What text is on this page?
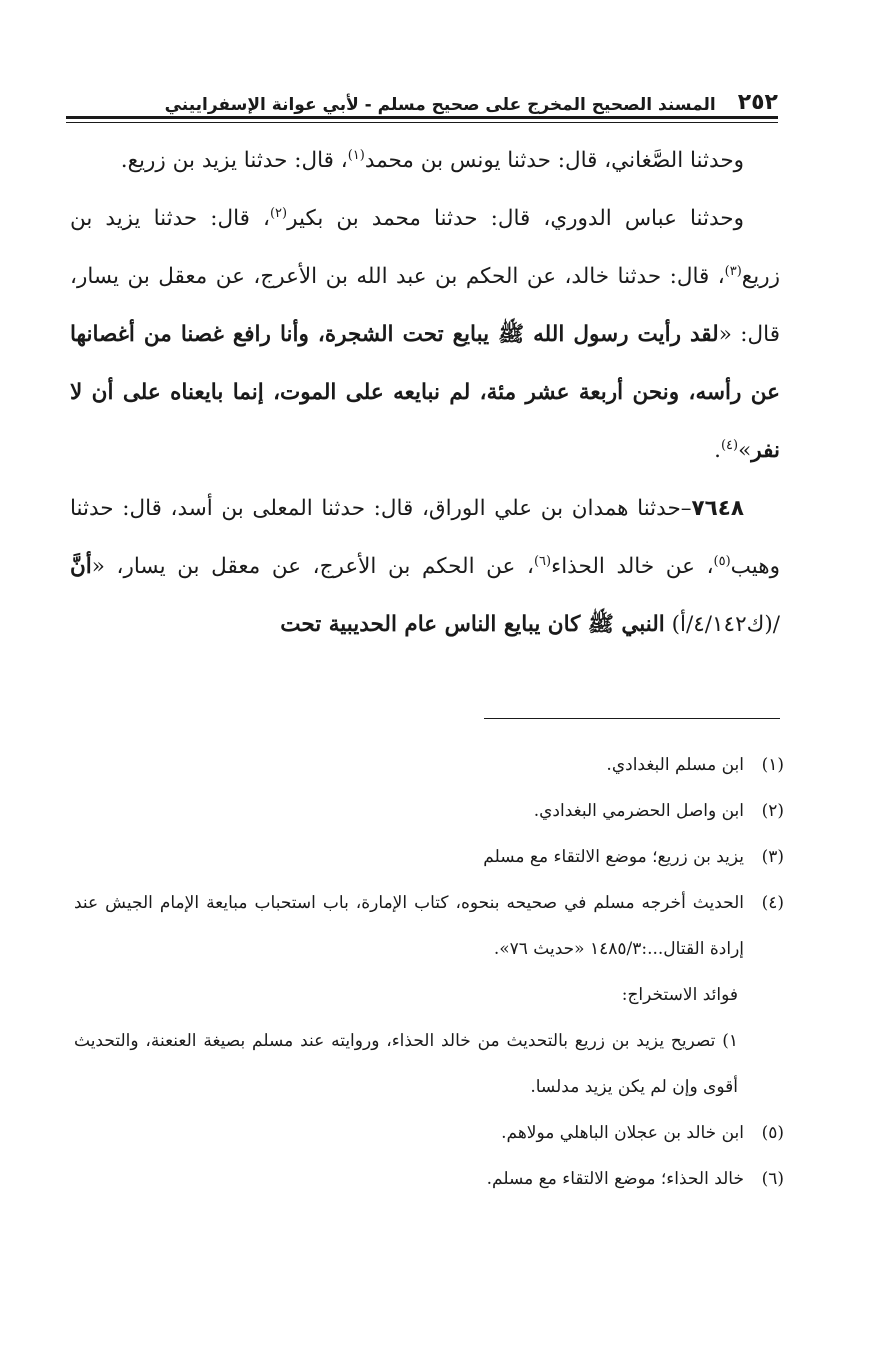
٢٥٢
المسند الصحيح المخرج على صحيح مسلم - لأبي عوانة الإسفراييني

وحدثنا الصَّغاني، قال: حدثنا يونس بن محمد$^{(١)}$، قال: حدثنا يزيد بن زريع.

وحدثنا عباس الدوري، قال: حدثنا محمد بن بكير$^{(٢)}$، قال: حدثنا يزيد بن زريع$^{(٣)}$، قال: حدثنا خالد، عن الحكم بن عبد الله بن الأعرج، عن معقل بن يسار، قال: «لقد رأيت رسول الله ﷺ يبايع تحت الشجرة، وأنا رافع غصنا من أغصانها عن رأسه، ونحن أربعة عشر مئة، لم نبايعه على الموت، إنما بايعناه على أن لا نفر»$^{(٤)}$.

٧٦٤٨–حدثنا همدان بن علي الوراق، قال: حدثنا المعلى بن أسد، قال: حدثنا وهيب$^{(٥)}$، عن خالد الحذاء$^{(٦)}$، عن الحكم بن الأعرج، عن معقل بن يسار، «أنَّ /(ك٤/١٤٢/أ) النبي ﷺ كان يبايع الناس عام الحديبية تحت

(١)
ابن مسلم البغدادي.
(٢)
ابن واصل الحضرمي البغدادي.
(٣)
يزيد بن زريع؛ موضع الالتقاء مع مسلم
(٤)
الحديث أخرجه مسلم في صحيحه بنحوه، كتاب الإمارة، باب استحباب مبايعة الإمام الجيش عند إرادة القتال...:١٤٨٥/٣ «حديث ٧٦».

فوائد الاستخراج:

١) تصريح يزيد بن زريع بالتحديث من خالد الحذاء، وروايته عند مسلم بصيغة العنعنة، والتحديث أقوى وإن لم يكن يزيد مدلسا.

(٥)
ابن خالد بن عجلان الباهلي مولاهم.
(٦)
خالد الحذاء؛ موضع الالتقاء مع مسلم.
